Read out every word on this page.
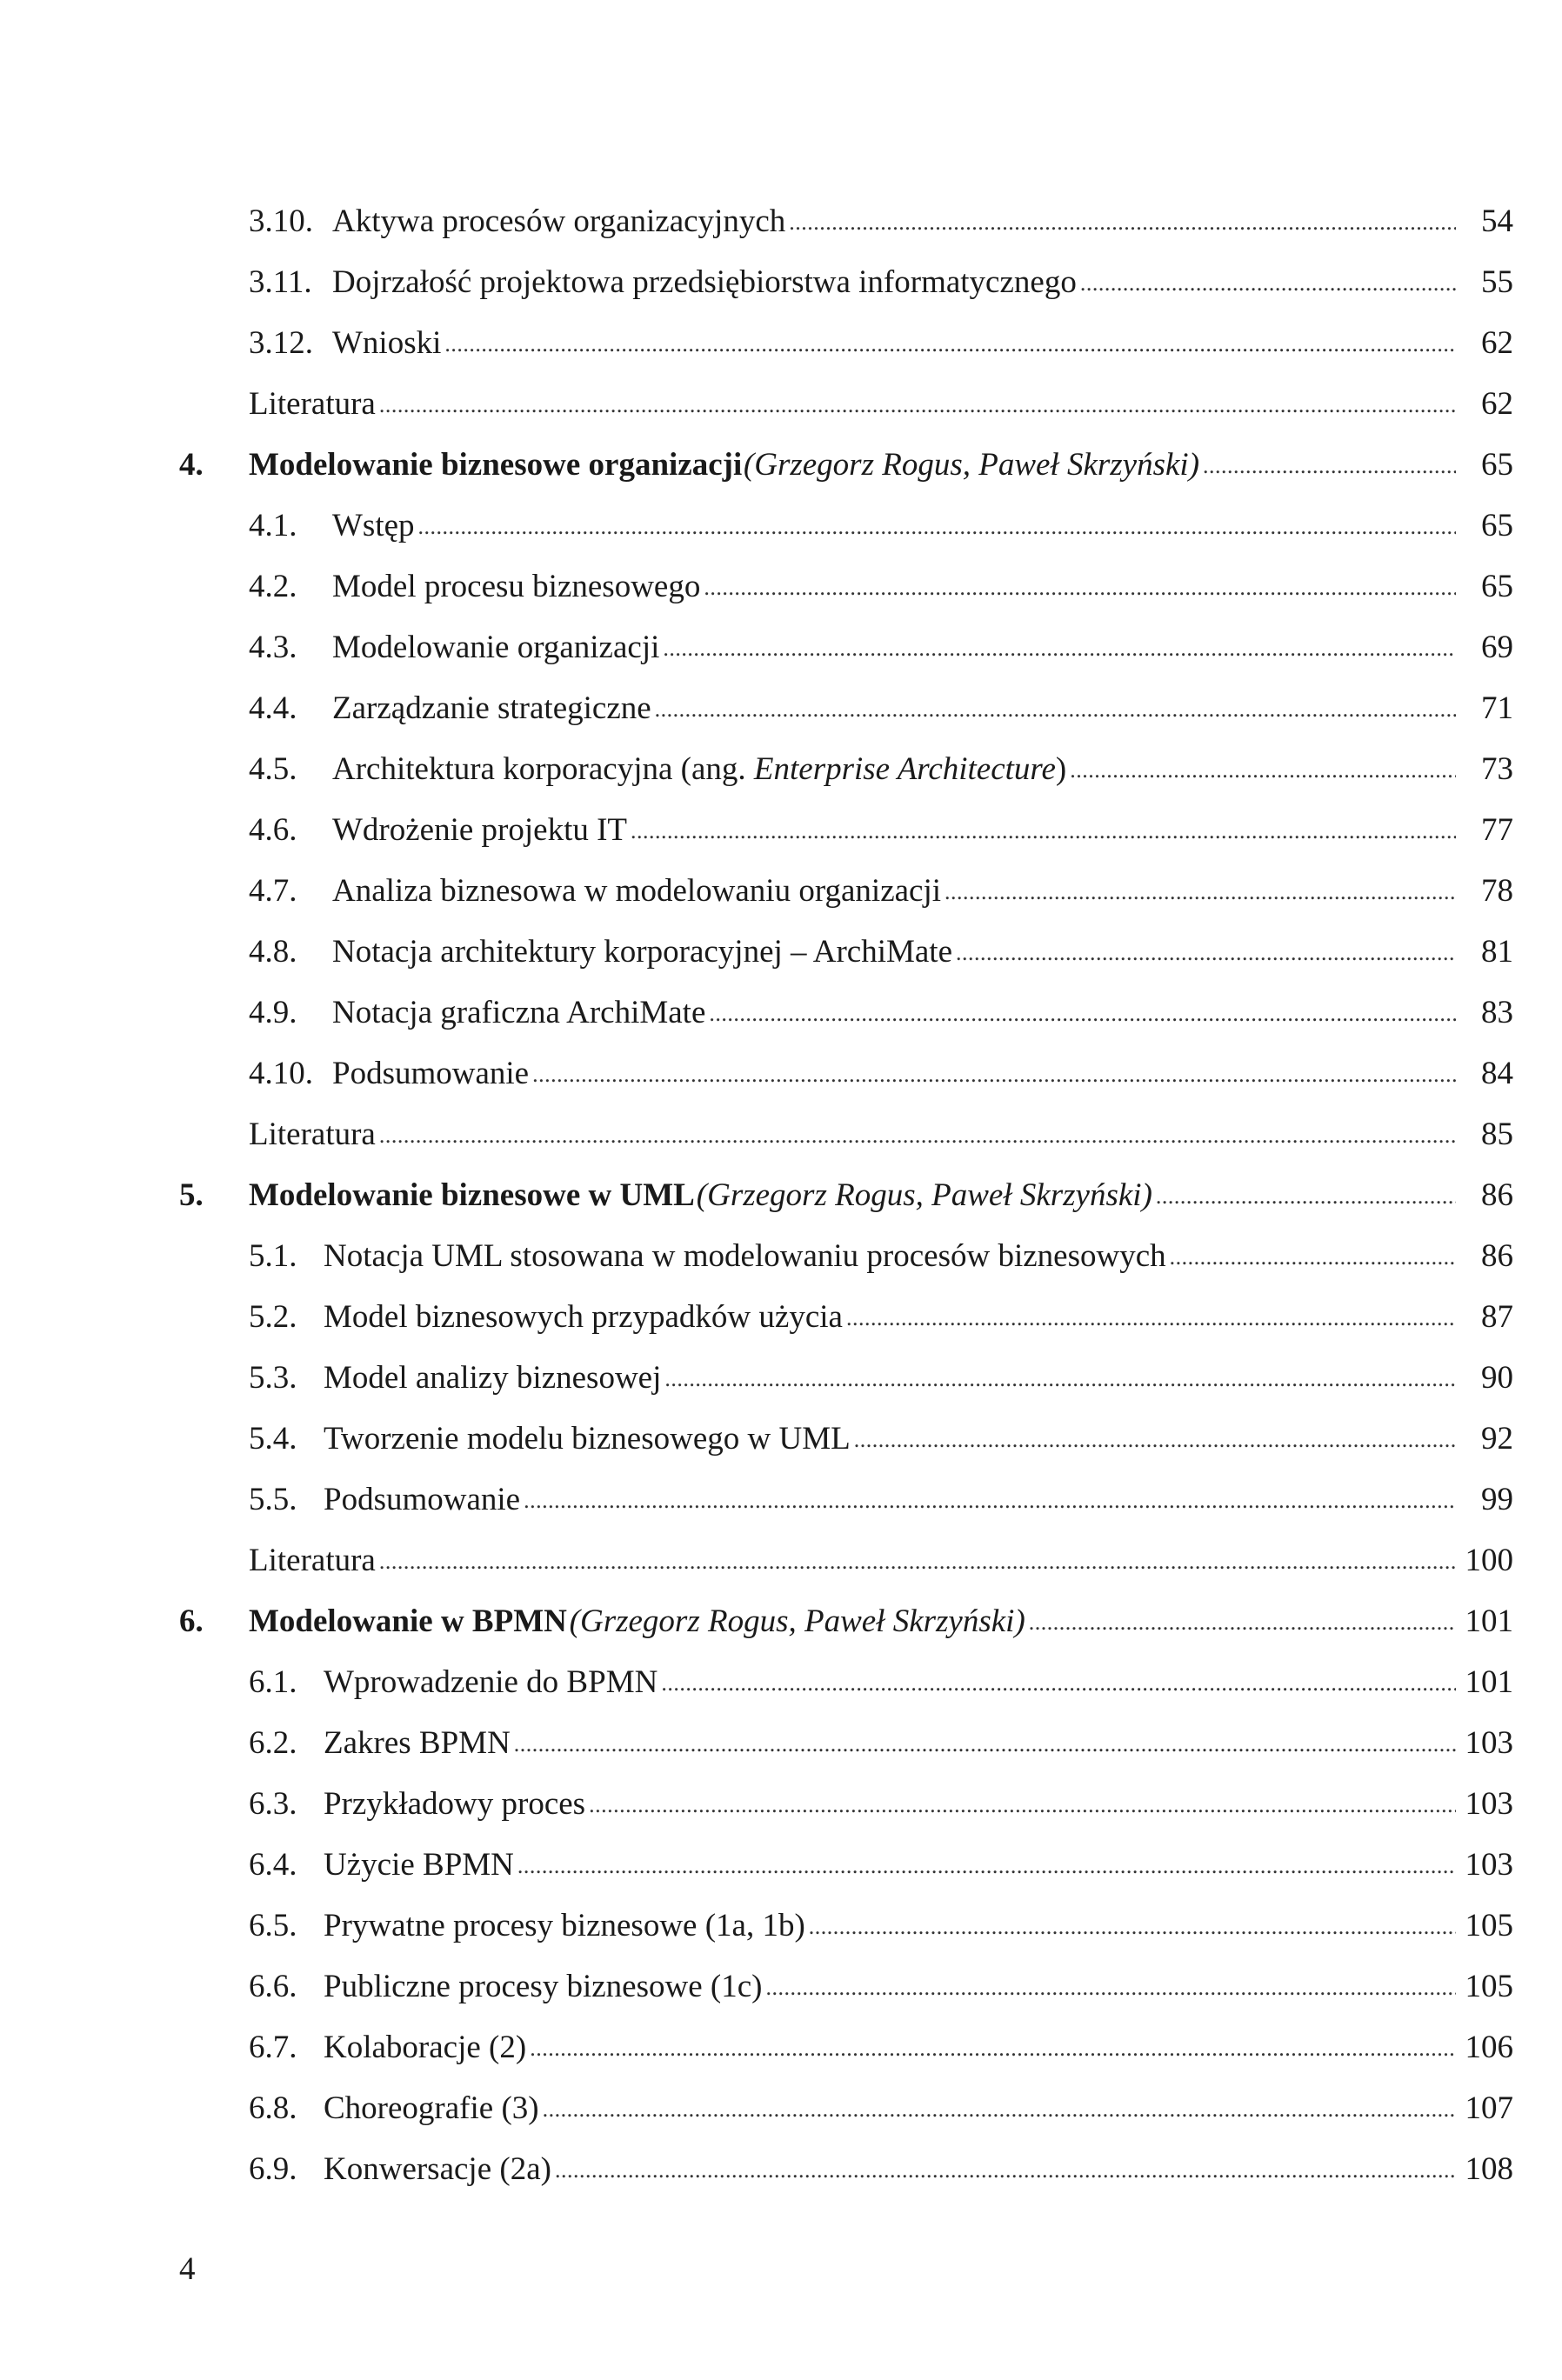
3.10. Aktywa procesów organizacyjnych . . .	54
3.11. Dojrzałość projektowa przedsiębiorstwa informatycznego . . .	55
3.12. Wnioski . . .	62
Literatura . . .	62
4. Modelowanie biznesowe organizacji (Grzegorz Rogus, Paweł Skrzyński) . . .	65
4.1.	Wstęp . . .	65
4.2.	Model procesu biznesowego . . .	65
4.3.	Modelowanie organizacji . . .	69
4.4.	Zarządzanie strategiczne . . .	71
4.5.	Architektura korporacyjna (ang. Enterprise Architecture ) . . .	73
4.6.	Wdrożenie projektu IT . . .	77
4.7.	Analiza biznesowa w modelowaniu organizacji . . .	78
4.8.	Notacja architektury korporacyjnej – ArchiMate . . .	81
4.9.	Notacja graficzna ArchiMate . . .	83
4.10. Podsumowanie . . .	84
Literatura . . .	85
5. Modelowanie biznesowe w UML (Grzegorz Rogus, Paweł Skrzyński) . . .	86
5.1. Notacja UML stosowana w modelowaniu procesów biznesowych . . .	86
5.2. Model biznesowych przypadków użycia . . .	87
5.3. Model analizy biznesowej . . .	90
5.4. Tworzenie modelu biznesowego w UML . . .	92
5.5. Podsumowanie . . .	99
Literatura . . .	100
6. Modelowanie w BPMN (Grzegorz Rogus, Paweł Skrzyński) . . .	101
6.1. Wprowadzenie do BPMN . . .	101
6.2. Zakres BPMN . . .	103
6.3. Przykładowy proces . . .	103
6.4. Użycie BPMN . . .	103
6.5. Prywatne procesy biznesowe (1a, 1b) . . .	105
6.6. Publiczne procesy biznesowe (1c) . . .	105
6.7. Kolaboracje (2) . . .	106
6.8. Choreografie (3) . . .	107
6.9. Konwersacje (2a) . . .	108
4
